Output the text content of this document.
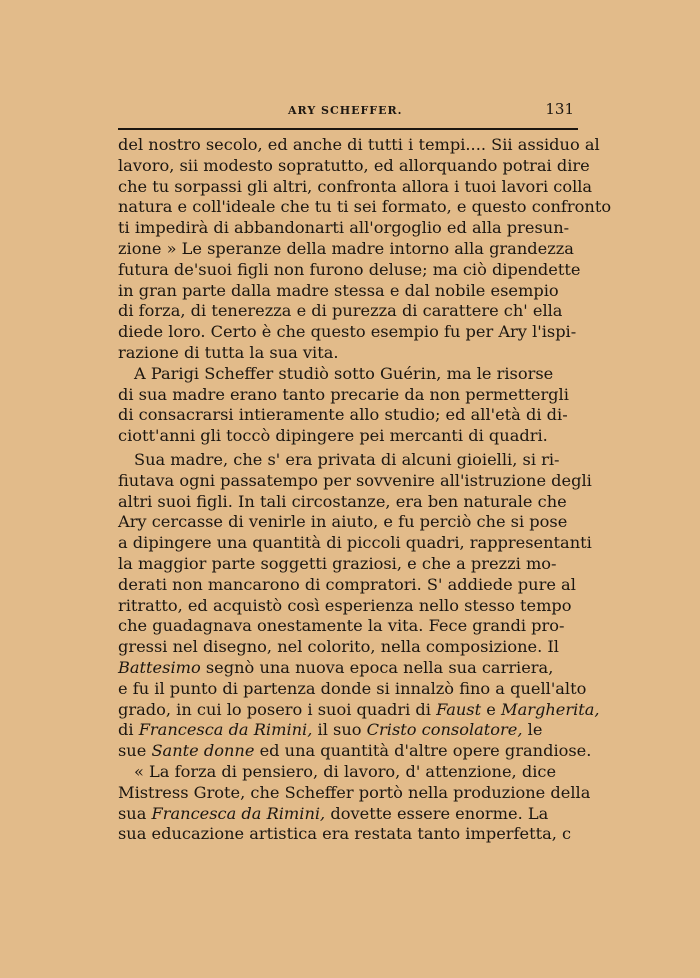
ARY SCHEFFER.	131
del nostro secolo, ed anche di tutti i tempi.... Sii assiduo al
lavoro, sii modesto sopratutto, ed allorquando potrai dire
che tu sorpassi gli altri, confronta allora i tuoi lavori colla
natura e coll'ideale che tu ti sei formato, e questo confronto
ti impedirà di abbandonarti all'orgoglio ed alla presun-
zione » Le speranze della madre intorno alla grandezza
futura de'suoi figli non furono deluse; ma ciò dipendette
in gran parte dalla madre stessa e dal nobile esempio
di forza, di tenerezza e di purezza di carattere ch' ella
diede loro. Certo è che questo esempio fu per Ary l'ispi-
razione di tutta la sua vita.
A Parigi Scheffer studiò sotto Guérin, ma le risorse
di sua madre erano tanto precarie da non permettergli
di consacrarsi intieramente allo studio; ed all'età di di-
ciott'anni gli toccò dipingere pei mercanti di quadri.
Sua madre, che s' era privata di alcuni gioielli, si ri-
fiutava ogni passatempo per sovvenire all'istruzione degli
altri suoi figli. In tali circostanze, era ben naturale che
Ary cercasse di venirle in aiuto, e fu perciò che si pose
a dipingere una quantità di piccoli quadri, rappresentanti
la maggior parte soggetti graziosi, e che a prezzi mo-
derati non mancarono di compratori. S' addiede pure al
ritratto, ed acquistò così esperienza nello stesso tempo
che guadagnava onestamente la vita. Fece grandi pro-
gressi nel disegno, nel colorito, nella composizione. Il
Battesimo segnò una nuova epoca nella sua carriera,
e fu il punto di partenza donde si innalzò fino a quell'alto
grado, in cui lo posero i suoi quadri di Faust e Margherita,
di Francesca da Rimini, il suo Cristo consolatore, le
sue Sante donne ed una quantità d'altre opere grandiose.
« La forza di pensiero, di lavoro, d' attenzione, dice
Mistress Grote, che Scheffer portò nella produzione della
sua Francesca da Rimini, dovette essere enorme. La
sua educazione artistica era restata tanto imperfetta, c
